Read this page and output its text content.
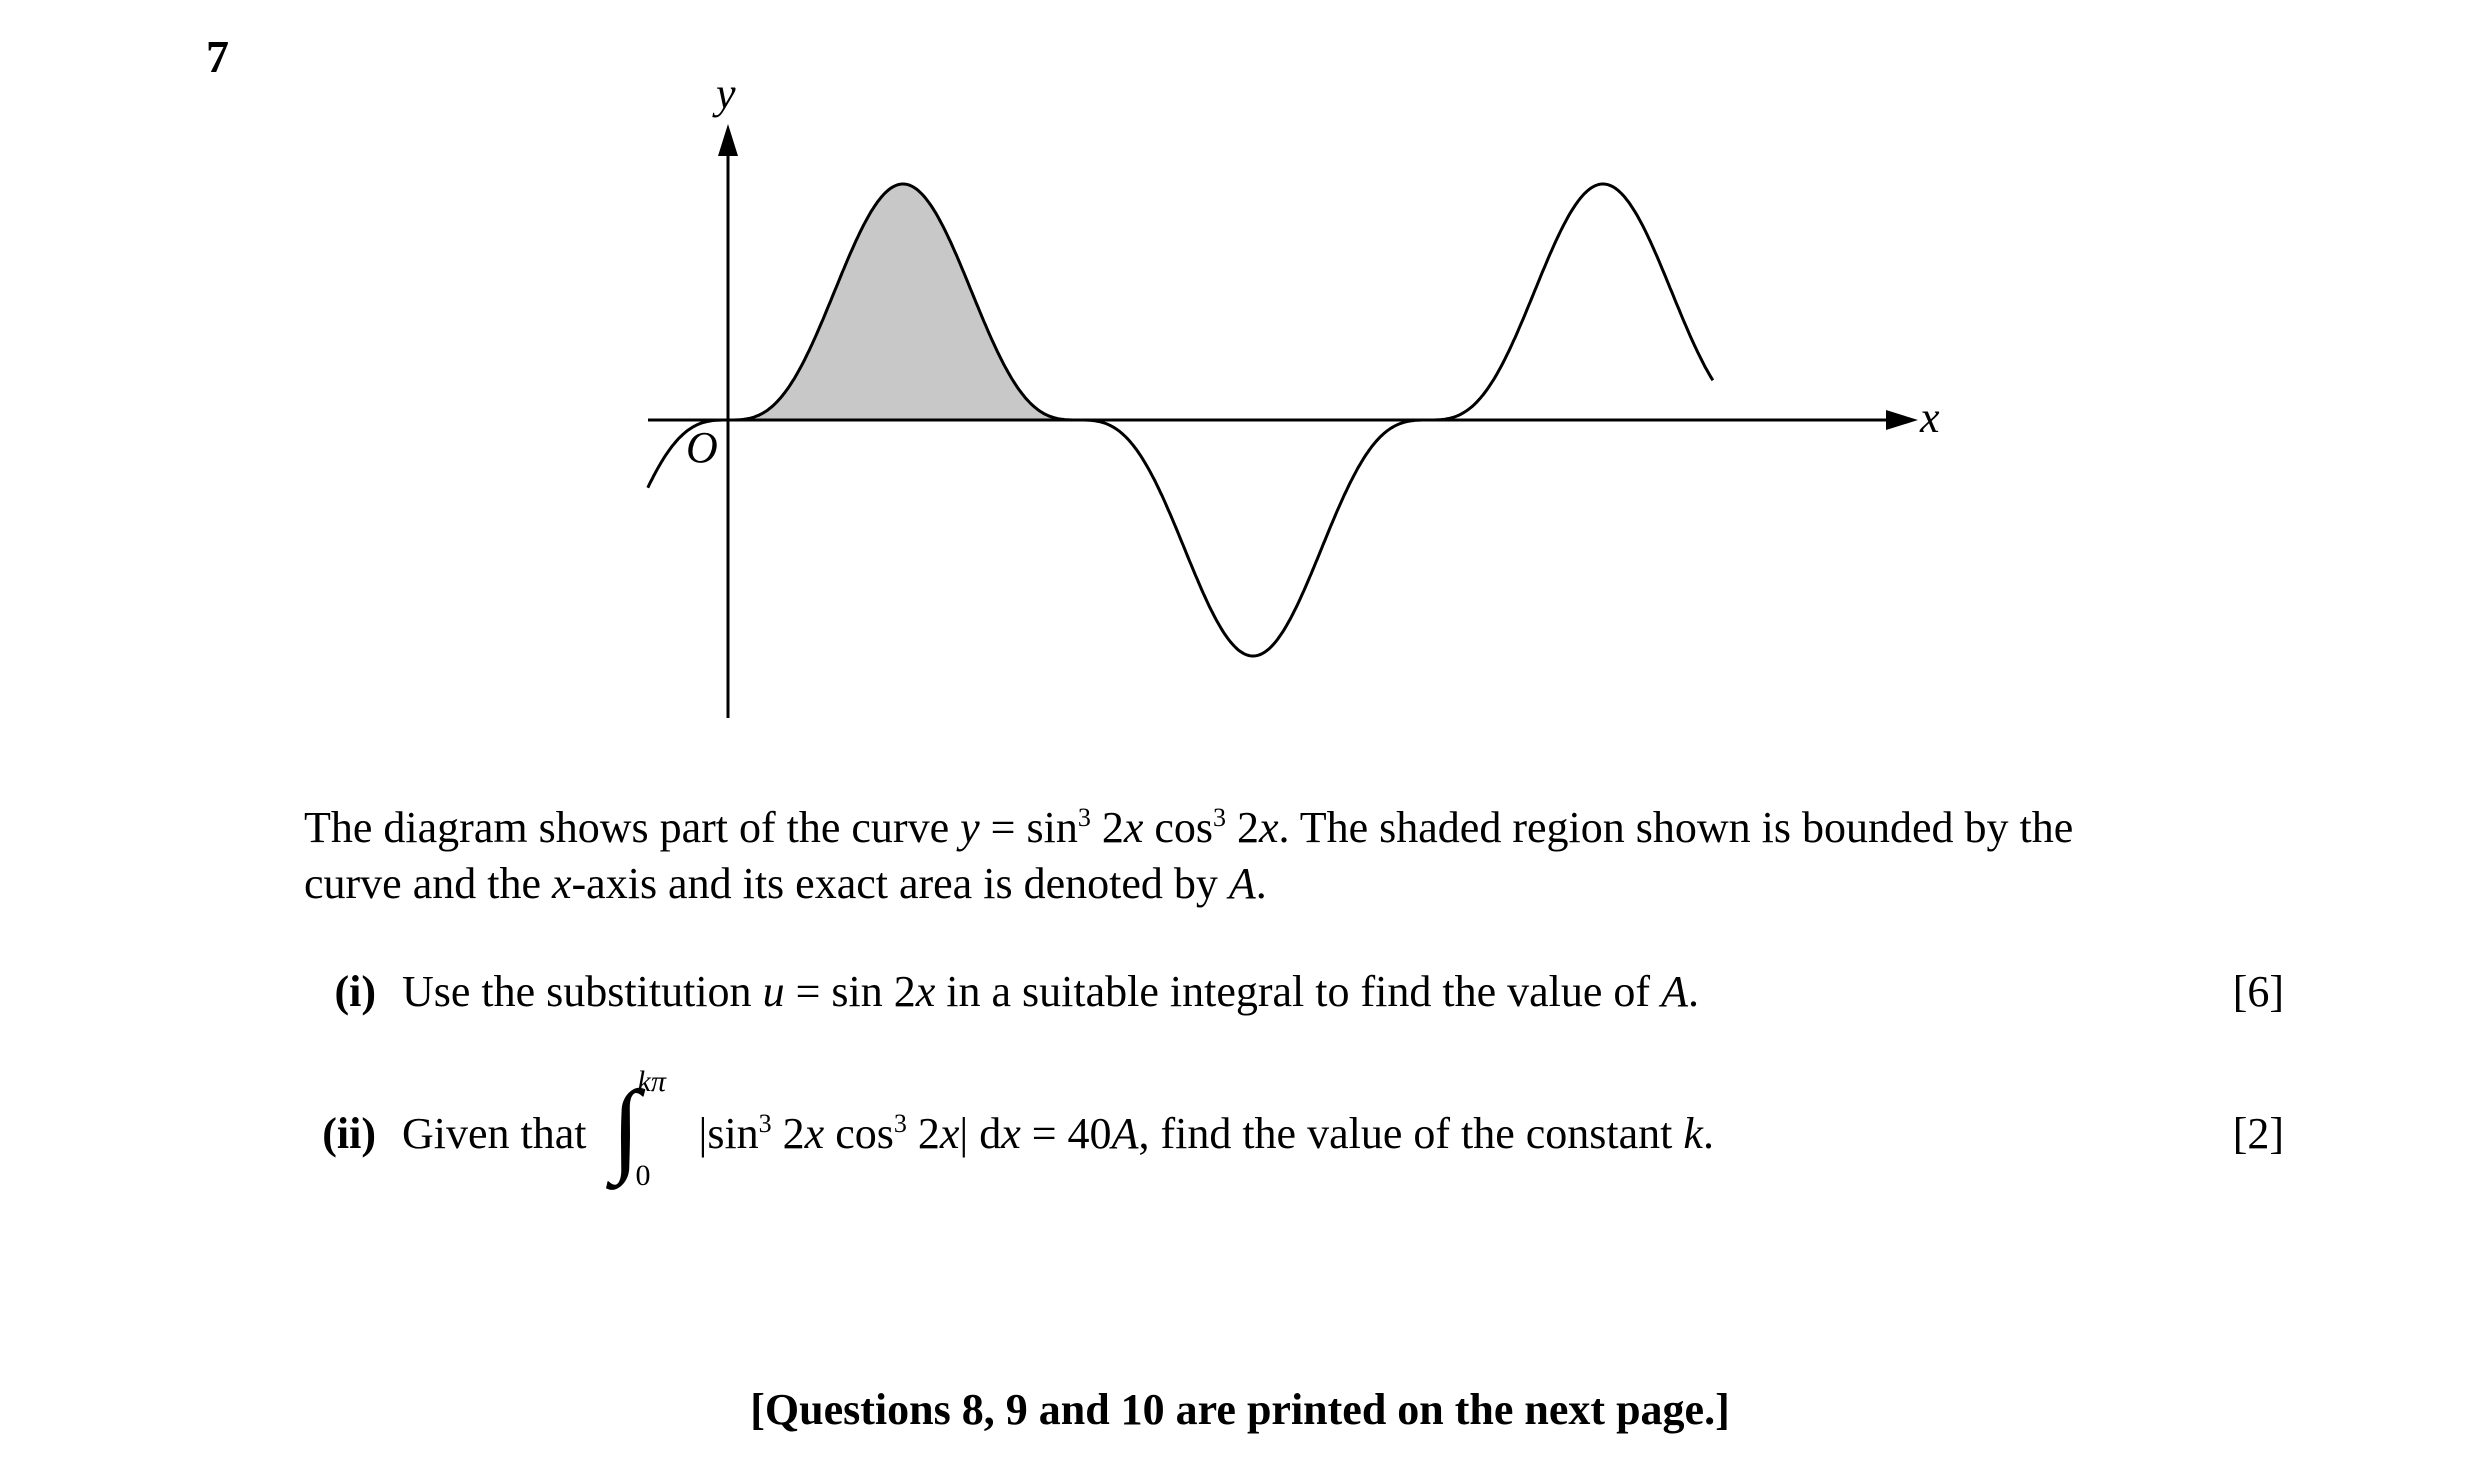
7
y
x
O
The diagram shows part of the curve $y = \sin^3 2x$ $\cos^3 2x$. The shaded region shown is bounded by the
curve and the x-axis and its exact area is denoted by A.
(i) Use the substitution u = sin 2x in a suitable integral to find the value of A.	[6]
(ii) Given that ∫
kπ
0
$|\sin^3$ 2x $\cos^3 2x|$ dx = 40A, find the value of the constant k.	[2]
[Questions 8, 9 and 10 are printed on the next page.]
